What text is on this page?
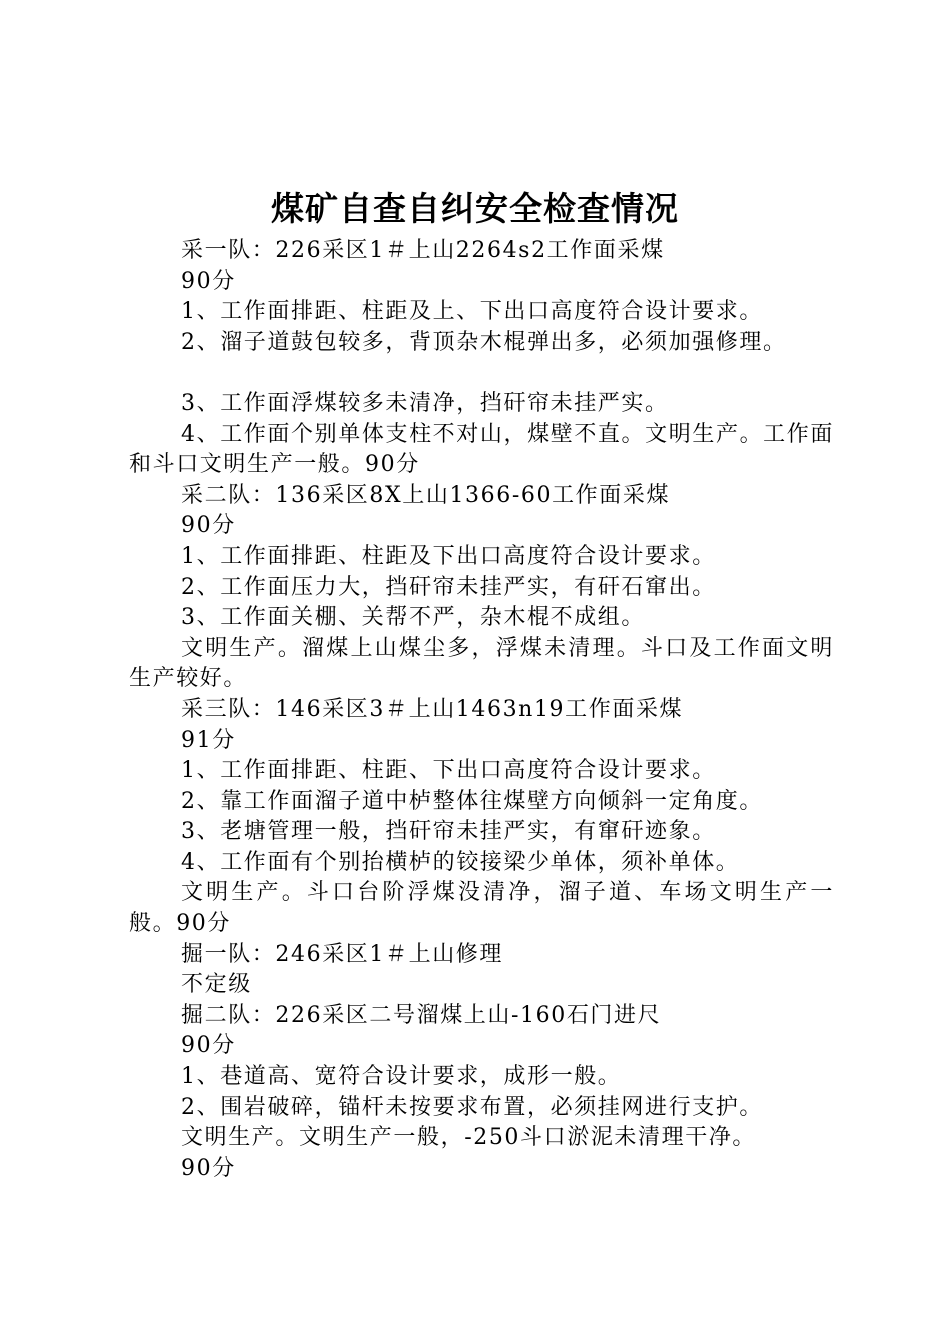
煤矿自查自纠安全检查情况

采一队：226采区1＃上山2264s2工作面采煤

90分

1、工作面排距、柱距及上、下出口高度符合设计要求。

2、溜子道鼓包较多，背顶杂木棍弹出多，必须加强修理。

3、工作面浮煤较多未清净，挡矸帘未挂严实。

4、工作面个别单体支柱不对山，煤壁不直。文明生产。工作面和斗口文明生产一般。90分

采二队：136采区8X上山1366-60工作面采煤

90分

1、工作面排距、柱距及下出口高度符合设计要求。

2、工作面压力大，挡矸帘未挂严实，有矸石窜出。

3、工作面关棚、关帮不严，杂木棍不成组。

文明生产。溜煤上山煤尘多，浮煤未清理。斗口及工作面文明生产较好。

采三队：146采区3＃上山1463n19工作面采煤

91分

1、工作面排距、柱距、下出口高度符合设计要求。

2、靠工作面溜子道中栌整体往煤壁方向倾斜一定角度。

3、老塘管理一般，挡矸帘未挂严实，有窜矸迹象。

4、工作面有个别抬横栌的铰接梁少单体，须补单体。

文明生产。斗口台阶浮煤没清净，溜子道、车场文明生产一般。90分

掘一队：246采区1＃上山修理

不定级

掘二队：226采区二号溜煤上山-160石门进尺

90分

1、巷道高、宽符合设计要求，成形一般。

2、围岩破碎，锚杆未按要求布置，必须挂网进行支护。

文明生产。文明生产一般，-250斗口淤泥未清理干净。

90分
